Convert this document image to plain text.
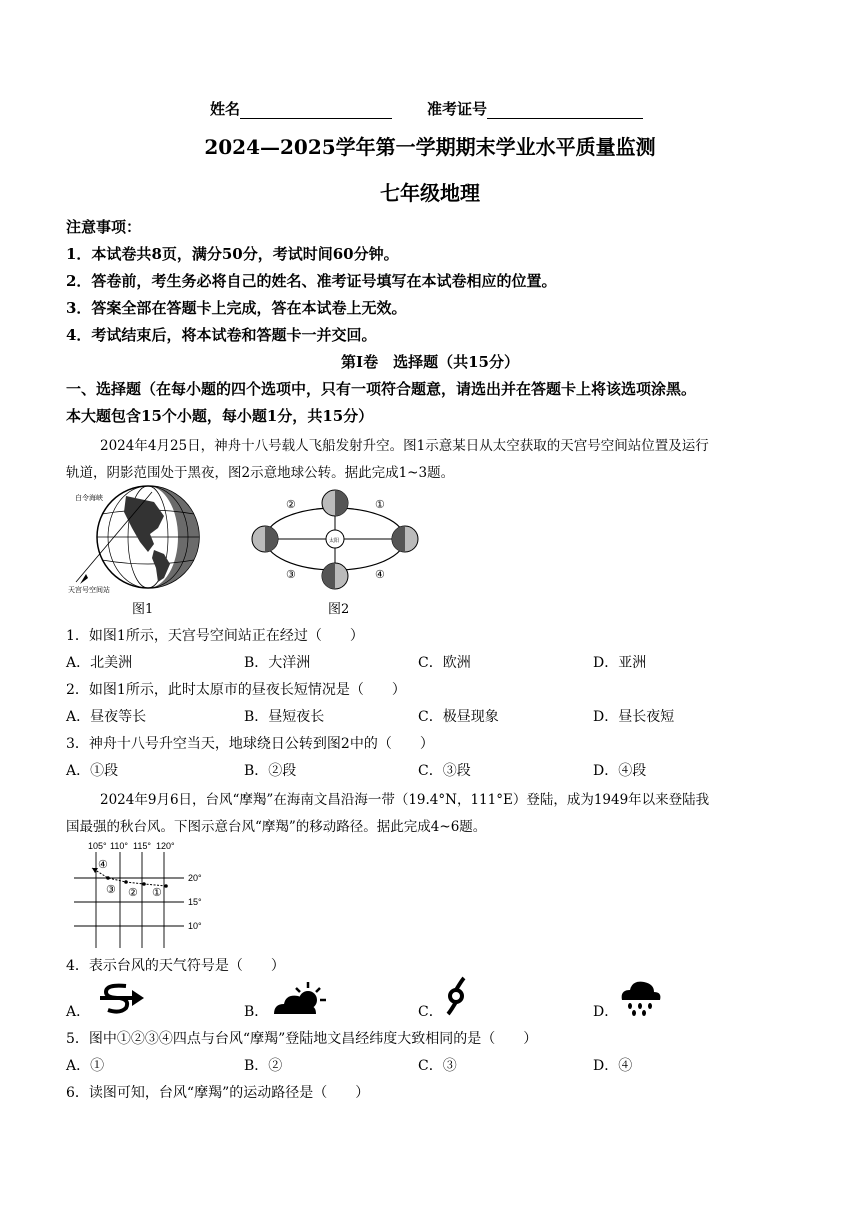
姓名	准考证号
2024—2025学年第一学期期末学业水平质量监测
七年级地理
注意事项：
1．本试卷共8页，满分50分，考试时间60分钟。
2．答卷前，考生务必将自己的姓名、准考证号填写在本试卷相应的位置。
3．答案全部在答题卡上完成，答在本试卷上无效。
4．考试结束后，将本试卷和答题卡一并交回。
第Ⅰ卷　选择题（共15分）
一、选择题（在每小题的四个选项中，只有一项符合题意，请选出并在答题卡上将该选项涂黑。
本大题包含15个小题，每小题1分，共15分）
2024年4月25日，神舟十八号载人飞船发射升空。图1示意某日从太空获取的天宫号空间站位置及运行
轨道，阴影范围处于黑夜，图2示意地球公转。据此完成1~3题。
白令海峡
天宫号空间站
图1
太阳
①
②
③	④
图2
1．如图1所示，天宫号空间站正在经过（　　）
A．北美洲	B．大洋洲	C．欧洲	D．亚洲
2．如图1所示，此时太原市的昼夜长短情况是（　　）
A．昼夜等长	B．昼短夜长	C．极昼现象	D．昼长夜短
3．神舟十八号升空当天，地球绕日公转到图2中的（　　）
A．①段	B．②段	C．③段	D．④段
2024年9月6日，台风“摩羯”在海南文昌沿海一带（19.4°N，111°E）登陆，成为1949年以来登陆我
国最强的秋台风。下图示意台风“摩羯”的移动路径。据此完成4~6题。
105° 110° 115° 120°
20°
15°
10°
①
②
③
④
4．表示台风的天气符号是（　　）
A．	B．	C．	D．
5．图中①②③④四点与台风“摩羯”登陆地文昌经纬度大致相同的是（　　）
A．①	B．②	C．③	D．④
6．读图可知，台风“摩羯”的运动路径是（　　）
